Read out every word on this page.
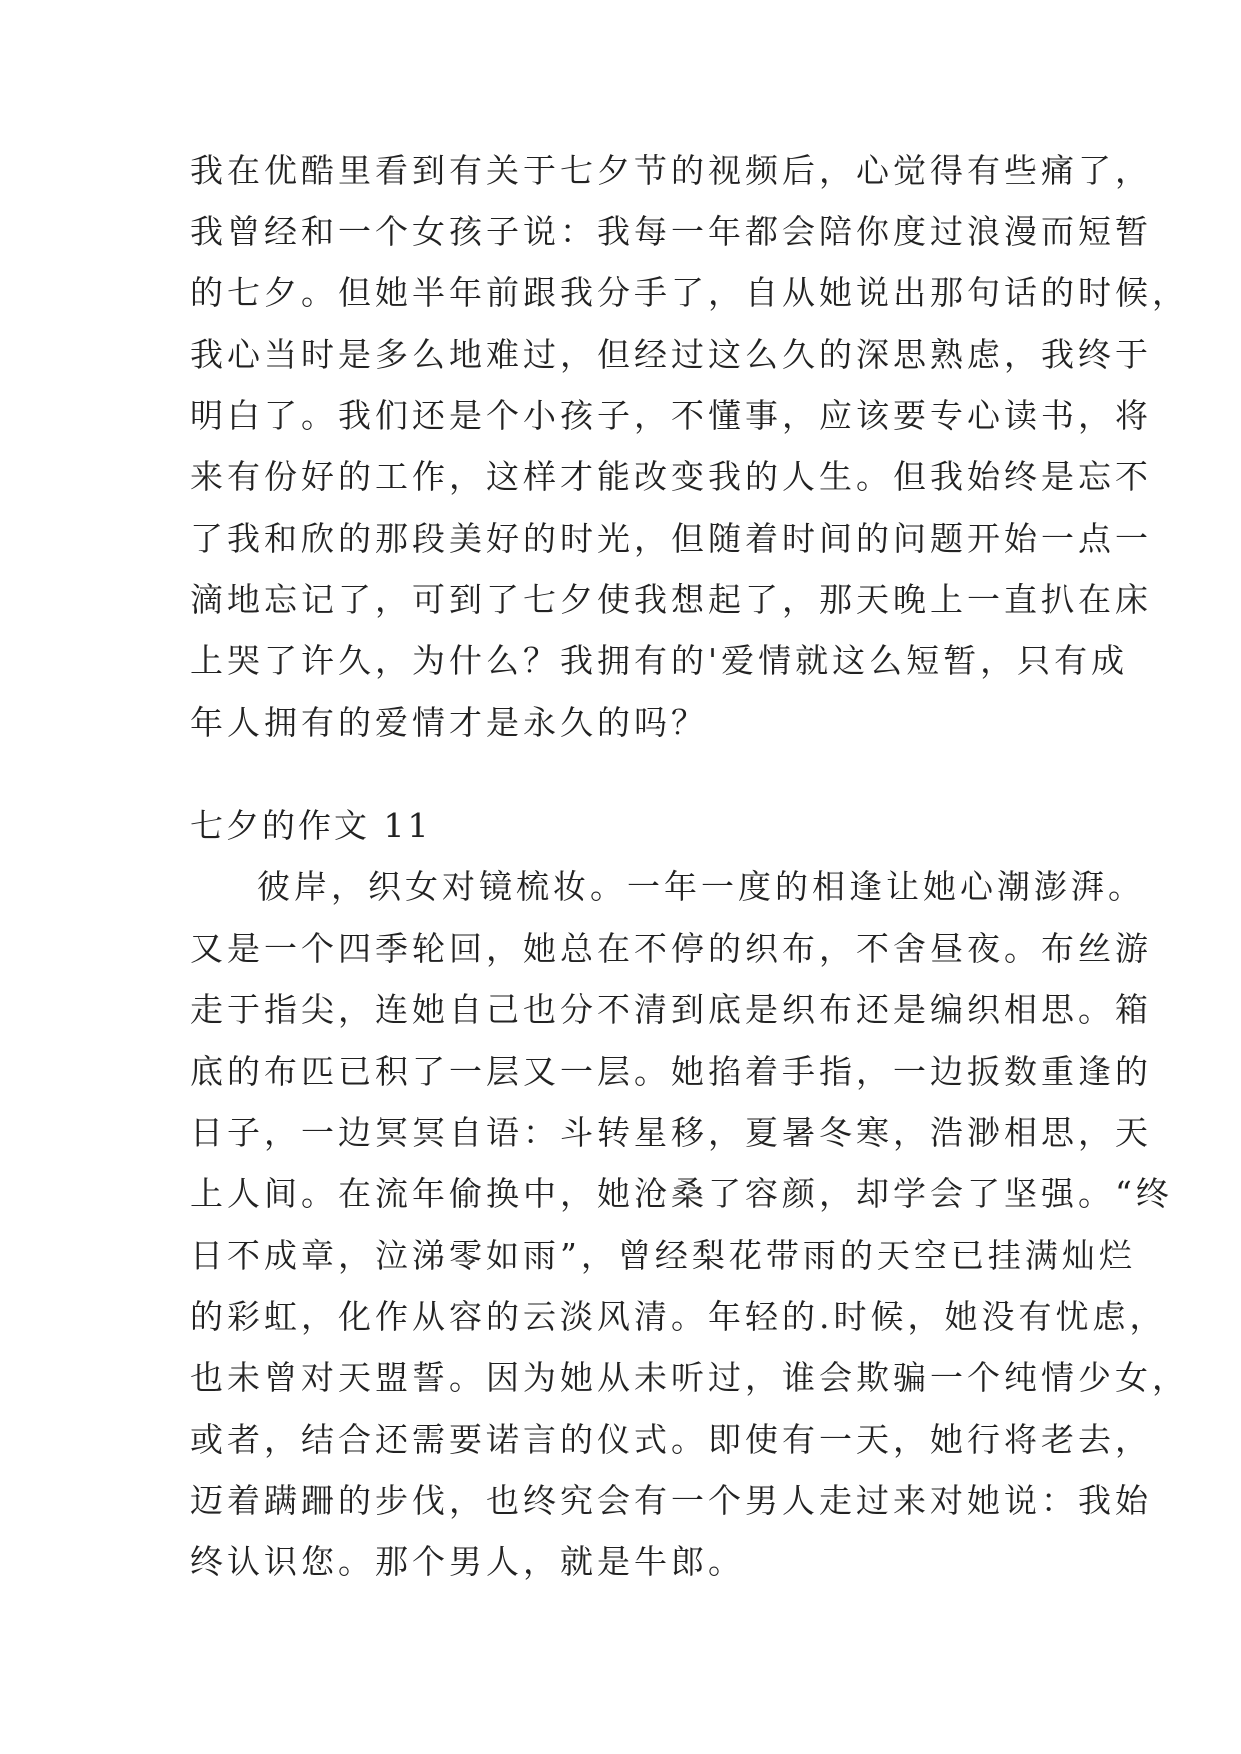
我在优酷里看到有关于七夕节的视频后，心觉得有些痛了，
我曾经和一个女孩子说：我每一年都会陪你度过浪漫而短暂
的七夕。但她半年前跟我分手了，自从她说出那句话的时候，
我心当时是多么地难过，但经过这么久的深思熟虑，我终于
明白了。我们还是个小孩子，不懂事，应该要专心读书，将
来有份好的工作，这样才能改变我的人生。但我始终是忘不
了我和欣的那段美好的时光，但随着时间的问题开始一点一
滴地忘记了，可到了七夕使我想起了，那天晚上一直扒在床
上哭了许久，为什么？我拥有的'爱情就这么短暂，只有成
年人拥有的爱情才是永久的吗？
七夕的作文 11
彼岸，织女对镜梳妆。一年一度的相逢让她心潮澎湃。
又是一个四季轮回，她总在不停的织布，不舍昼夜。布丝游
走于指尖，连她自己也分不清到底是织布还是编织相思。箱
底的布匹已积了一层又一层。她掐着手指，一边扳数重逢的
日子，一边冥冥自语：斗转星移，夏暑冬寒，浩渺相思，天
上人间。在流年偷换中，她沧桑了容颜，却学会了坚强。“终
日不成章，泣涕零如雨”，曾经梨花带雨的天空已挂满灿烂
的彩虹，化作从容的云淡风清。年轻的.时候，她没有忧虑，
也未曾对天盟誓。因为她从未听过，谁会欺骗一个纯情少女，
或者，结合还需要诺言的仪式。即使有一天，她行将老去，
迈着蹒跚的步伐，也终究会有一个男人走过来对她说：我始
终认识您。那个男人，就是牛郎。
